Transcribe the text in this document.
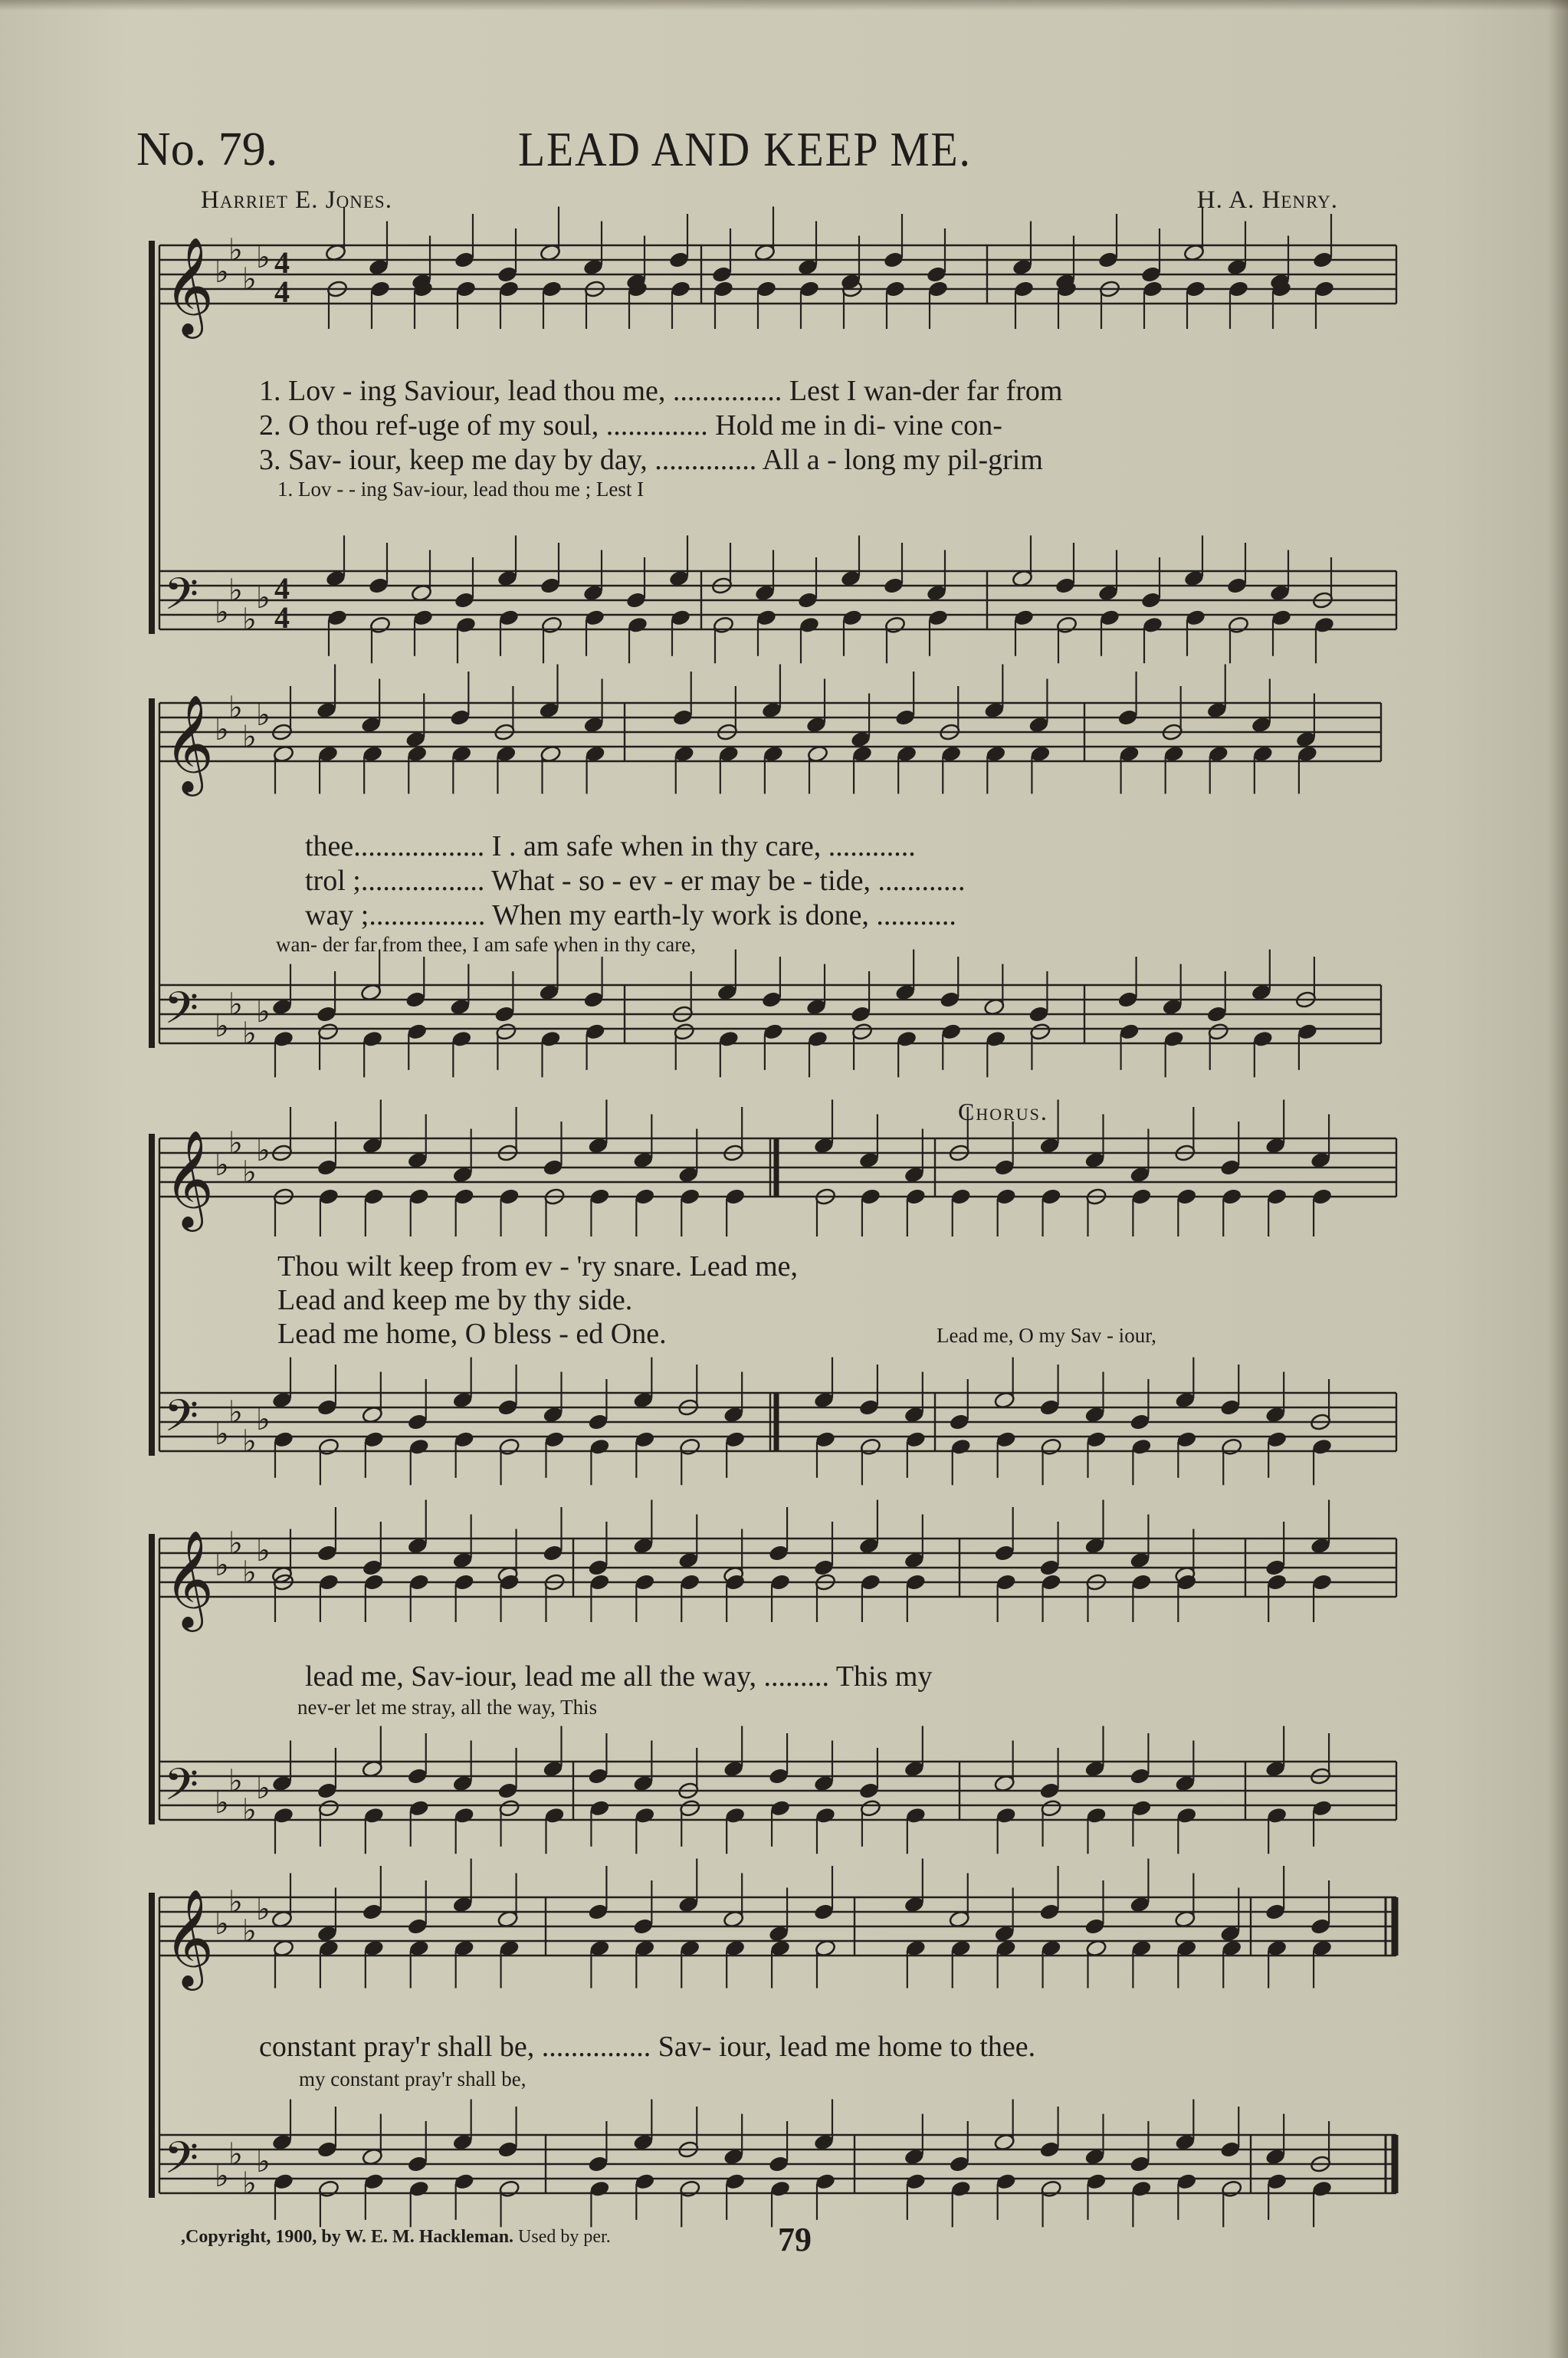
No. 79.	LEAD AND KEEP ME.
Harriet E. Jones.	H. A. Henry.
𝄞 ♭
♭
♭
♭
𝄢 ♭
♭
♭
♭
4
4
4
4
𝄞 ♭
♭
♭
♭
𝄢 ♭
♭
♭
♭
𝄞 ♭
♭
♭
♭
𝄢 ♭
♭
♭
♭
𝄞 ♭
♭
♭
♭
𝄢 ♭
♭
♭
♭
𝄞 ♭
♭
♭
♭
𝄢 ♭
♭
♭
♭
1. Lov - ing Saviour, lead thou me, ............... Lest I wan-der far from
2. O thou ref-uge of my soul, .............. Hold me in di- vine con-
3. Sav- iour, keep me day by day, .............. All a - long my pil-grim
1. Lov - - ing Sav-iour, lead thou me ; Lest I
thee.................. I . am safe when in thy care, ............
trol ;................. What - so - ev - er may be - tide, ............
way ;................ When my earth-ly work is done, ...........
wan- der far from thee, I am safe when in thy care,
Chorus.
Thou wilt keep from ev - 'ry snare. Lead me,
Lead and keep me by thy side.
Lead me home, O bless - ed One.	Lead me, O my Sav - iour,
lead me, Sav-iour, lead me all the way, ......... This my
nev-er let me stray, all the way, This
constant pray'r shall be, ............... Sav- iour, lead me home to thee.
my constant pray'r shall be,
,Copyright, 1900, by W. E. M. Hackleman. Used by per.	79
